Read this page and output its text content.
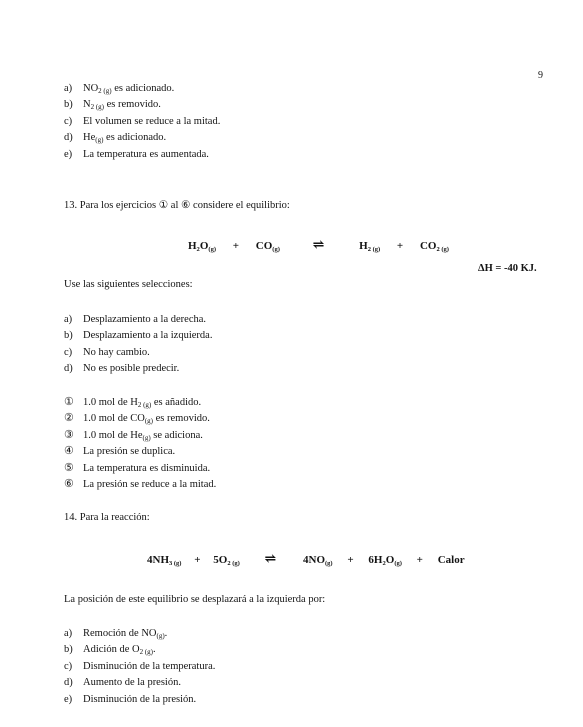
9
a) NO2 (g) es adicionado.
b) N2 (g) es removido.
c) El volumen se reduce a la mitad.
d) He(g) es adicionado.
e) La temperatura es aumentada.
13. Para los ejercicios ① al ⑥ considere el equilibrio:
H₂O(g) + CO(g) ⇌	H2 (g) + CO2 (g)
ΔH = -40 KJ.
Use las siguientes selecciones:
a) Desplazamiento a la derecha.
b) Desplazamiento a la izquierda.
c) No hay cambio.
d) No es posible predecir.
① 1.0 mol de H2 (g) es añadido.
② 1.0 mol de CO(g) es removido.
③ 1.0 mol de He(g) se adiciona.
④ La presión se duplica.
⑤ La temperatura es disminuida.
⑥ La presión se reduce a la mitad.
14. Para la reacción:
4NH3 (g) + 5O2 (g) ⇌ 4NO(g) + 6H₂O(g) + Calor
La posición de este equilibrio se desplazará a la izquierda por:
a) Remoción de NO(g).
b) Adición de O2 (g).
c) Disminución de la temperatura.
d) Aumento de la presión.
e) Disminución de la presión.
